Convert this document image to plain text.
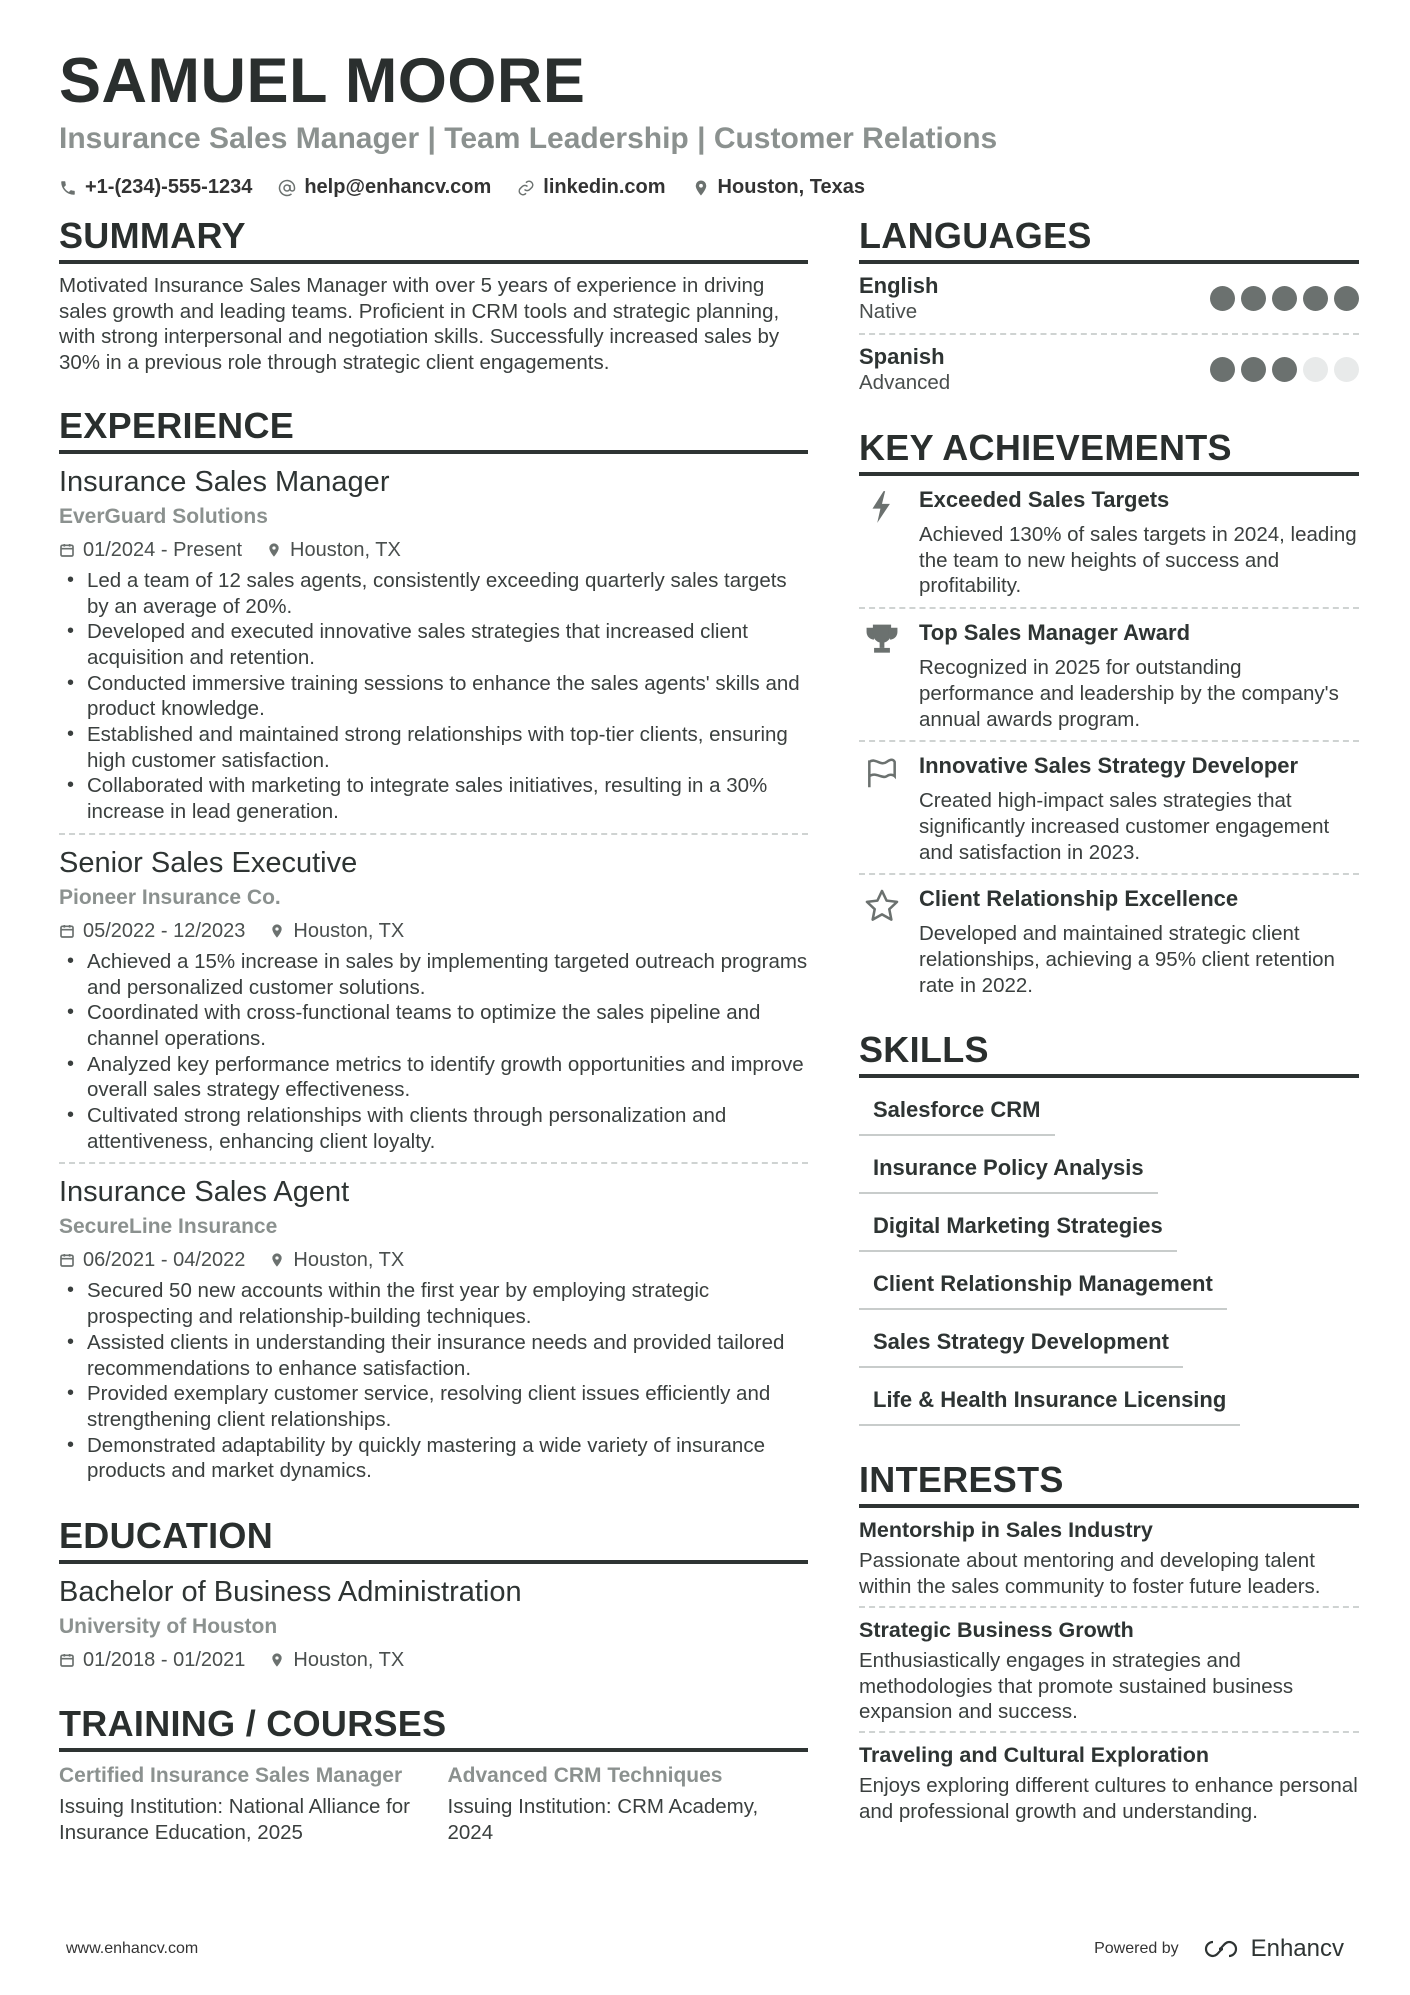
SAMUEL MOORE
Insurance Sales Manager | Team Leadership | Customer Relations
+1-(234)-555-1234	help@enhancv.com	linkedin.com	Houston, Texas
SUMMARY
Motivated Insurance Sales Manager with over 5 years of experience in driving sales growth and leading teams. Proficient in CRM tools and strategic planning, with strong interpersonal and negotiation skills. Successfully increased sales by 30% in a previous role through strategic client engagements.
EXPERIENCE
Insurance Sales Manager
EverGuard Solutions
01/2024 - Present Houston, TX
• Led a team of 12 sales agents, consistently exceeding quarterly sales targets by an average of 20%.
• Developed and executed innovative sales strategies that increased client acquisition and retention.
• Conducted immersive training sessions to enhance the sales agents' skills and product knowledge.
• Established and maintained strong relationships with top-tier clients, ensuring high customer satisfaction.
• Collaborated with marketing to integrate sales initiatives, resulting in a 30% increase in lead generation.
Senior Sales Executive
Pioneer Insurance Co.
05/2022 - 12/2023 Houston, TX
• Achieved a 15% increase in sales by implementing targeted outreach programs and personalized customer solutions.
• Coordinated with cross-functional teams to optimize the sales pipeline and channel operations.
• Analyzed key performance metrics to identify growth opportunities and improve overall sales strategy effectiveness.
• Cultivated strong relationships with clients through personalization and attentiveness, enhancing client loyalty.
Insurance Sales Agent
SecureLine Insurance
06/2021 - 04/2022 Houston, TX
• Secured 50 new accounts within the first year by employing strategic prospecting and relationship-building techniques.
• Assisted clients in understanding their insurance needs and provided tailored recommendations to enhance satisfaction.
• Provided exemplary customer service, resolving client issues efficiently and strengthening client relationships.
• Demonstrated adaptability by quickly mastering a wide variety of insurance products and market dynamics.
EDUCATION
Bachelor of Business Administration
University of Houston
01/2018 - 01/2021 Houston, TX
TRAINING / COURSES
Certified Insurance Sales Manager
Issuing Institution: National Alliance for Insurance Education, 2025
Advanced CRM Techniques
Issuing Institution: CRM Academy, 2024
LANGUAGES
English
Native
Spanish
Advanced
KEY ACHIEVEMENTS
Exceeded Sales Targets
Achieved 130% of sales targets in 2024, leading the team to new heights of success and profitability.
Top Sales Manager Award
Recognized in 2025 for outstanding performance and leadership by the company's annual awards program.
Innovative Sales Strategy Developer
Created high-impact sales strategies that significantly increased customer engagement and satisfaction in 2023.
Client Relationship Excellence
Developed and maintained strategic client relationships, achieving a 95% client retention rate in 2022.
SKILLS
Salesforce CRM
Insurance Policy Analysis
Digital Marketing Strategies
Client Relationship Management
Sales Strategy Development
Life & Health Insurance Licensing
INTERESTS
Mentorship in Sales Industry
Passionate about mentoring and developing talent within the sales community to foster future leaders.
Strategic Business Growth
Enthusiastically engages in strategies and methodologies that promote sustained business expansion and success.
Traveling and Cultural Exploration
Enjoys exploring different cultures to enhance personal and professional growth and understanding.
www.enhancv.com	Powered by	Enhancv
